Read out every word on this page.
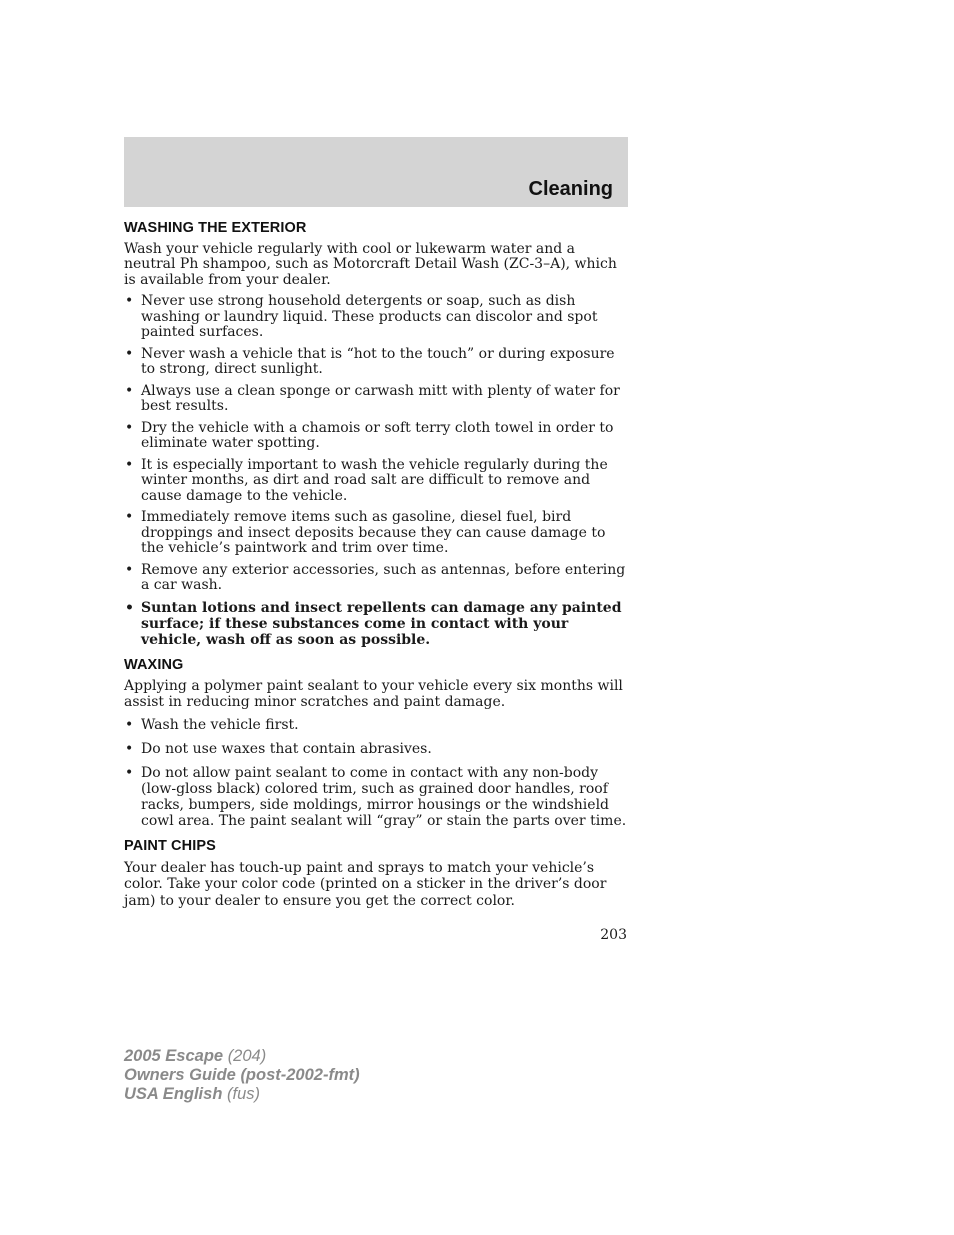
Cleaning
WASHING THE EXTERIOR

Wash your vehicle regularly with cool or lukewarm water and a neutral Ph shampoo, such as Motorcraft Detail Wash (ZC-3–A), which is available from your dealer.

• Never use strong household detergents or soap, such as dish washing or laundry liquid. These products can discolor and spot painted surfaces.
• Never wash a vehicle that is “hot to the touch” or during exposure to strong, direct sunlight.
• Always use a clean sponge or carwash mitt with plenty of water for best results.
• Dry the vehicle with a chamois or soft terry cloth towel in order to eliminate water spotting.
• It is especially important to wash the vehicle regularly during the winter months, as dirt and road salt are difficult to remove and cause damage to the vehicle.
• Immediately remove items such as gasoline, diesel fuel, bird droppings and insect deposits because they can cause damage to the vehicle’s paintwork and trim over time.
• Remove any exterior accessories, such as antennas, before entering a car wash.
• Suntan lotions and insect repellents can damage any painted surface; if these substances come in contact with your vehicle, wash off as soon as possible.
WAXING

Applying a polymer paint sealant to your vehicle every six months will assist in reducing minor scratches and paint damage.

• Wash the vehicle first.
• Do not use waxes that contain abrasives.
• Do not allow paint sealant to come in contact with any non-body (low-gloss black) colored trim, such as grained door handles, roof racks, bumpers, side moldings, mirror housings or the windshield cowl area. The paint sealant will “gray” or stain the parts over time.
PAINT CHIPS

Your dealer has touch-up paint and sprays to match your vehicle’s color. Take your color code (printed on a sticker in the driver’s door jam) to your dealer to ensure you get the correct color.

203
2005 Escape (204)
Owners Guide (post-2002-fmt)
USA English (fus)
